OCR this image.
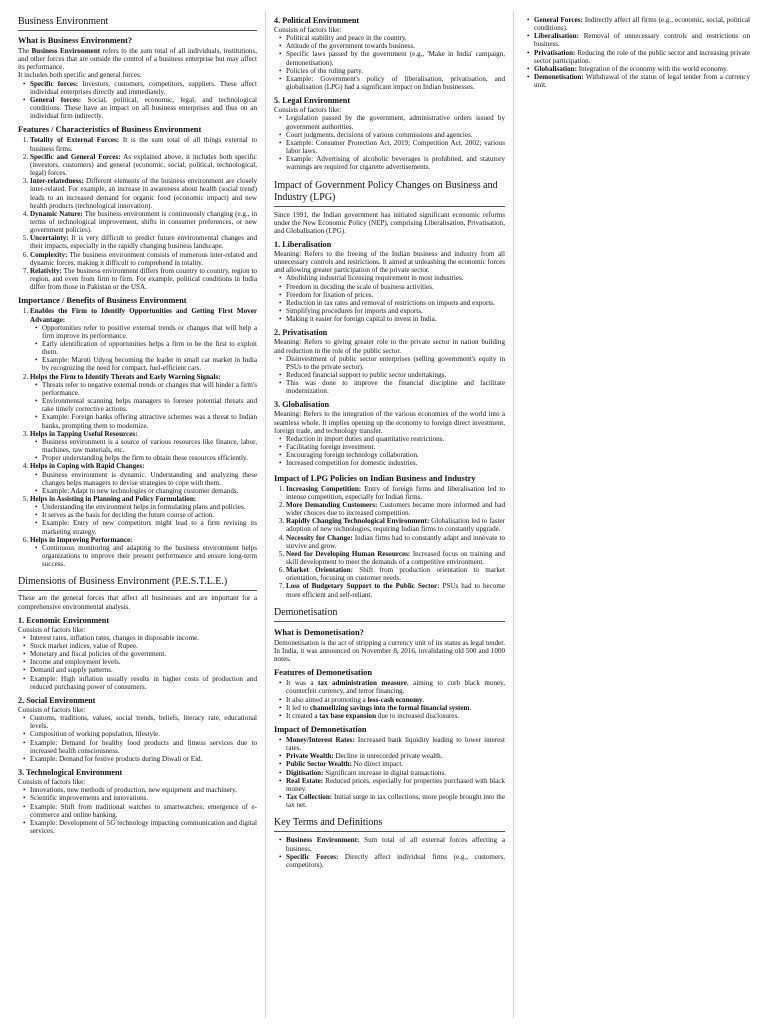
Business Environment
What is Business Environment?

The Business Environment refers to the sum total of all individuals, institutions, and other forces that are outside the control of a business enterprise but may affect its performance.

It includes both specific and general forces:

• Specific forces: Investors, customers, competitors, suppliers. These affect individual enterprises directly and immediately.
• General forces: Social, political, economic, legal, and technological conditions. These have an impact on all business enterprises and thus on an individual firm indirectly.
Features / Characteristics of Business Environment
1. Totality of External Forces: It is the sum total of all things external to business firms.
2. Specific and General Forces: As explained above, it includes both specific (investors, customers) and general (economic, social, political, technological, legal) forces.
3. Inter-relatedness: Different elements of the business environment are closely inter-related. For example, an increase in awareness about health (social trend) leads to an increased demand for organic food (economic impact) and new health products (technological innovation).
4. Dynamic Nature: The business environment is continuously changing (e.g., in terms of technological improvement, shifts in consumer preferences, or new government policies).
5. Uncertainty: It is very difficult to predict future environmental changes and their impacts, especially in the rapidly changing business landscape.
6. Complexity: The business environment consists of numerous inter-related and dynamic forces, making it difficult to comprehend in totality.
7. Relativity: The business environment differs from country to country, region to region, and even from firm to firm. For example, political conditions in India differ from those in Pakistan or the USA.
Importance / Benefits of Business Environment
1. Enables the Firm to Identify Opportunities and Getting First Mover Advantage:
• Opportunities refer to positive external trends or changes that will help a firm improve its performance.
• Early identification of opportunities helps a firm to be the first to exploit them.
• Example: Maruti Udyog becoming the leader in small car market in India by recognizing the need for compact, fuel-efficient cars.
2. Helps the Firm to Identify Threats and Early Warning Signals:
• Threats refer to negative external trends or changes that will hinder a firm's performance.
• Environmental scanning helps managers to foresee potential threats and take timely corrective actions.
• Example: Foreign banks offering attractive schemes was a threat to Indian banks, prompting them to modernize.
3. Helps in Tapping Useful Resources:
• Business environment is a source of various resources like finance, labor, machines, raw materials, etc.
• Proper understanding helps the firm to obtain these resources efficiently.
4. Helps in Coping with Rapid Changes:
• Business environment is dynamic. Understanding and analyzing these changes helps managers to devise strategies to cope with them.
• Example: Adapt to new technologies or changing customer demands.
5. Helps in Assisting in Planning and Policy Formulation:
• Understanding the environment helps in formulating plans and policies.
• It serves as the basis for deciding the future course of action.
• Example: Entry of new competitors might lead to a firm revising its marketing strategy.
6. Helps in Improving Performance:
• Continuous monitoring and adapting to the business environment helps organizations to improve their present performance and ensure long-term success.
Dimensions of Business Environment (P.E.S.T.L.E.)

These are the general forces that affect all businesses and are important for a comprehensive environmental analysis.

1. Economic Environment

Consists of factors like:

• Interest rates, inflation rates, changes in disposable income.
• Stock market indices, value of Rupee.
• Monetary and fiscal policies of the government.
• Income and employment levels.
• Demand and supply patterns.
• Example: High inflation usually results in higher costs of production and reduced purchasing power of consumers.
2. Social Environment

Consists of factors like:

• Customs, traditions, values, social trends, beliefs, literacy rate, educational levels.
• Composition of working population, lifestyle.
• Example: Demand for healthy food products and fitness services due to increased health consciousness.
• Example: Demand for festive products during Diwali or Eid.
3. Technological Environment

Consists of factors like:

• Innovations, new methods of production, new equipment and machinery.
• Scientific improvements and innovations.
• Example: Shift from traditional watches to smartwatches; emergence of e-commerce and online banking.
• Example: Development of 5G technology impacting communication and digital services.
4. Political Environment

Consists of factors like:

• Political stability and peace in the country.
• Attitude of the government towards business.
• Specific laws passed by the government (e.g., 'Make in India' campaign, demonetisation).
• Policies of the ruling party.
• Example: Government's policy of liberalisation, privatisation, and globalisation (LPG) had a significant impact on Indian businesses.
5. Legal Environment

Consists of factors like:

• Legislation passed by the government, administrative orders issued by government authorities.
• Court judgments, decisions of various commissions and agencies.
• Example: Consumer Protection Act, 2019; Competition Act, 2002; various labor laws.
• Example: Advertising of alcoholic beverages is prohibited, and statutory warnings are required for cigarette advertisements.
Impact of Government Policy Changes on Business and Industry (LPG)

Since 1991, the Indian government has initiated significant economic reforms under the New Economic Policy (NEP), comprising Liberalisation, Privatisation, and Globalisation (LPG).

1. Liberalisation

Meaning: Refers to the freeing of the Indian business and industry from all unnecessary controls and restrictions. It aimed at unleashing the economic forces and allowing greater participation of the private sector.

• Abolishing industrial licensing requirement in most industries.
• Freedom in deciding the scale of business activities.
• Freedom for fixation of prices.
• Reduction in tax rates and removal of restrictions on imports and exports.
• Simplifying procedures for imports and exports.
• Making it easier for foreign capital to invest in India.
2. Privatisation

Meaning: Refers to giving greater role to the private sector in nation building and reduction in the role of the public sector.

• Disinvestment of public sector enterprises (selling government's equity in PSUs to the private sector).
• Reduced financial support to public sector undertakings.
• This was done to improve the financial discipline and facilitate modernization.
3. Globalisation

Meaning: Refers to the integration of the various economies of the world into a seamless whole. It implies opening up the economy to foreign direct investment, foreign trade, and technology transfer.

• Reduction in import duties and quantitative restrictions.
• Facilitating foreign investment.
• Encouraging foreign technology collaboration.
• Increased competition for domestic industries.
Impact of LPG Policies on Indian Business and Industry
1. Increasing Competition: Entry of foreign firms and liberalisation led to intense competition, especially for Indian firms.
2. More Demanding Customers: Customers became more informed and had wider choices due to increased competition.
3. Rapidly Changing Technological Environment: Globalisation led to faster adoption of new technologies, requiring Indian firms to constantly upgrade.
4. Necessity for Change: Indian firms had to constantly adapt and innovate to survive and grow.
5. Need for Developing Human Resources: Increased focus on training and skill development to meet the demands of a competitive environment.
6. Market Orientation: Shift from production orientation to market orientation, focusing on customer needs.
7. Loss of Budgetary Support to the Public Sector: PSUs had to become more efficient and self-reliant.
Demonetisation
What is Demonetisation?

Demonetisation is the act of stripping a currency unit of its status as legal tender. In India, it was announced on November 8, 2016, invalidating old 500 and 1000 notes.

Features of Demonetisation
• It was a tax administration measure, aiming to curb black money, counterfeit currency, and terror financing.
• It also aimed at promoting a less-cash economy.
• It led to channelizing savings into the formal financial system.
• It created a tax base expansion due to increased disclosures.
Impact of Demonetisation
• Money/Interest Rates: Increased bank liquidity leading to lower interest rates.
• Private Wealth: Decline in unrecorded private wealth.
• Public Sector Wealth: No direct impact.
• Digitisation: Significant increase in digital transactions.
• Real Estate: Reduced prices, especially for properties purchased with black money.
• Tax Collection: Initial surge in tax collections, more people brought into the tax net.
Key Terms and Definitions
• Business Environment: Sum total of all external forces affecting a business.
• Specific Forces: Directly affect individual firms (e.g., customers, competitors).
• General Forces: Indirectly affect all firms (e.g., economic, social, political conditions).
• Liberalisation: Removal of unnecessary controls and restrictions on business.
• Privatisation: Reducing the role of the public sector and increasing private sector participation.
• Globalisation: Integration of the economy with the world economy.
• Demonetisation: Withdrawal of the status of legal tender from a currency unit.
